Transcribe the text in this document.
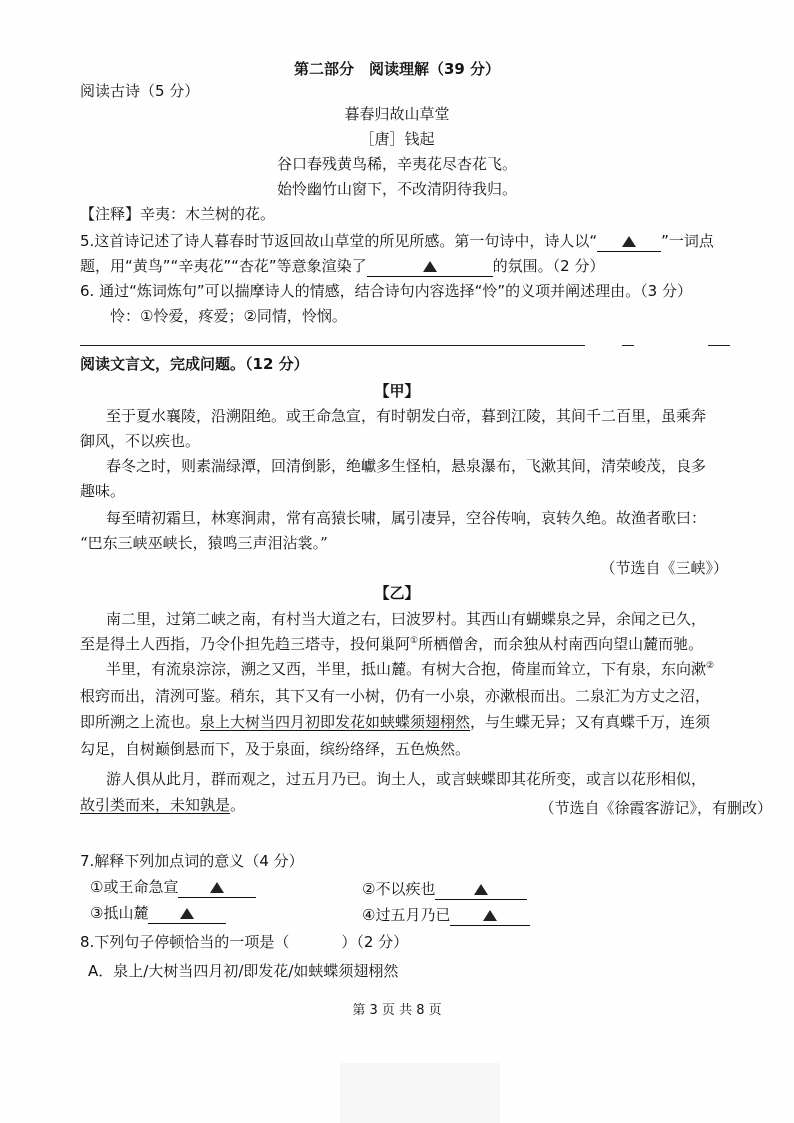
第二部分　阅读理解（39 分）
阅读古诗（5 分）
暮春归故山草堂
［唐］钱起
谷口春残黄鸟稀，辛夷花尽杏花飞。
始怜幽竹山窗下，不改清阴待我归。
【注释】辛夷：木兰树的花。
5.这首诗记述了诗人暮春时节返回故山草堂的所见所感。第一句诗中，诗人以“	”一词点
题，用“黄鸟”“辛夷花”“杏花”等意象渲染了	的氛围。（2 分）
6. 通过“炼词炼句”可以揣摩诗人的情感，结合诗句内容选择“怜”的义项并阐述理由。（3 分）
怜：①怜爱，疼爱；②同情，怜悯。
阅读文言文，完成问题。（12 分）
【甲】
至于夏水襄陵，沿溯阻绝。或王命急宣，有时朝发白帝，暮到江陵，其间千二百里，虽乘奔
御风，不以疾也。
春冬之时，则素湍绿潭，回清倒影，绝巘多生怪柏，悬泉瀑布，飞漱其间，清荣峻茂，良多
趣味。
每至晴初霜旦，林寒涧肃，常有高猿长啸，属引凄异，空谷传响，哀转久绝。故渔者歌曰：
“巴东三峡巫峡长，猿鸣三声泪沾裳。”
（节选自《三峡》）
【乙】
南二里，过第二峡之南，有村当大道之右，曰波罗村。其西山有蝴蝶泉之异，余闻之已久，
至是得土人西指，乃令仆担先趋三塔寺，投何巢阿①所栖僧舍，而余独从村南西向望山麓而驰。
半里，有流泉淙淙，溯之又西，半里，抵山麓。有树大合抱，倚崖而耸立，下有泉，东向漱②
根窍而出，清洌可鉴。稍东，其下又有一小树，仍有一小泉，亦漱根而出。二泉汇为方丈之沼，
即所溯之上流也。泉上大树当四月初即发花如蛱蝶须翅栩然，与生蝶无异；又有真蝶千万，连须
勾足，自树巅倒悬而下，及于泉面，缤纷络绎，五色焕然。
游人俱从此月，群而观之，过五月乃已。询土人，或言蛱蝶即其花所变，或言以花形相似，
故引类而来，未知孰是。	（节选自《徐霞客游记》，有删改）
7.解释下列加点词的意义（4 分）
①或王命急宣	②不以疾也
③抵山麓	④过五月乃已
8.下列句子停顿恰当的一项是（	）（2 分）
A．泉上/大树当四月初/即发花/如蛱蝶须翅栩然
第 3 页 共 8 页
